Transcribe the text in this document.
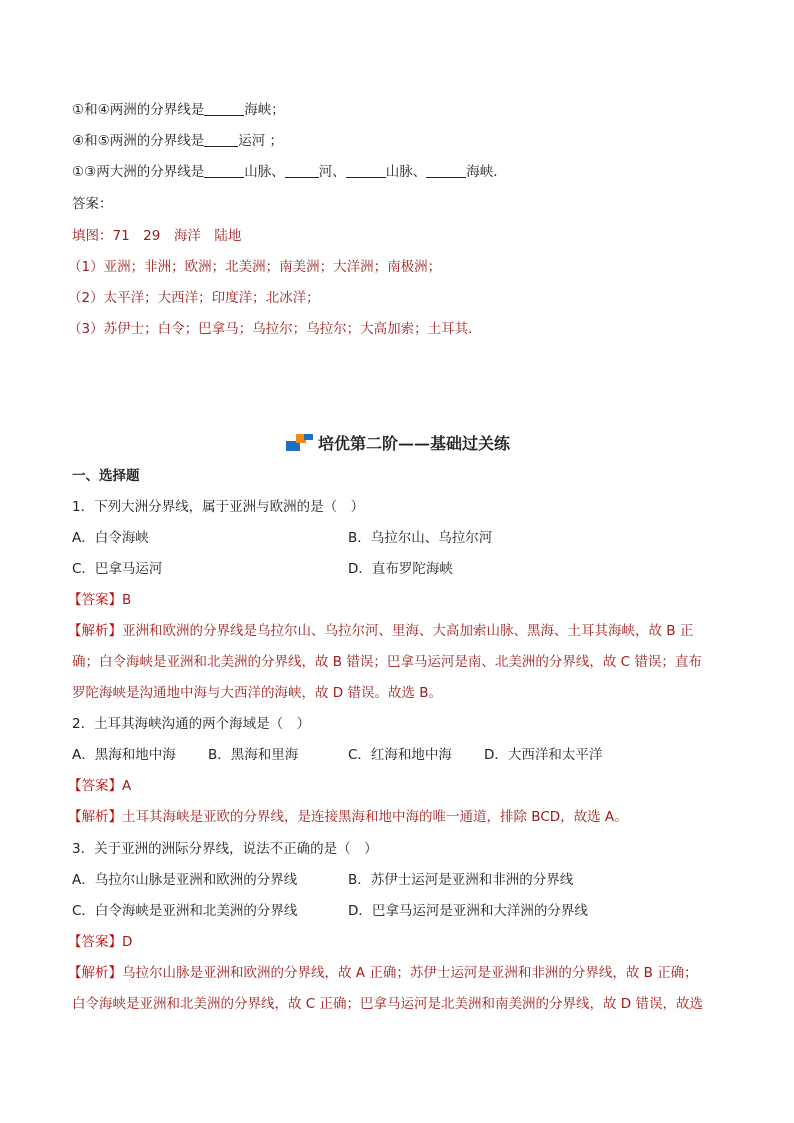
①和④两洲的分界线是	海峡；
④和⑤两洲的分界线是	运河 ；
①③两大洲的分界线是	山脉、	河、	山脉、	海峡．
答案：
填图：71　29　海洋　陆地
（1）亚洲；非洲；欧洲；北美洲；南美洲；大洋洲；南极洲；
（2）太平洋；大西洋；印度洋；北冰洋；
（3）苏伊士；白令；巴拿马；乌拉尔；乌拉尔；大高加索；土耳其．
培优第二阶——基础过关练
一、选择题
1．下列大洲分界线，属于亚洲与欧洲的是（　）
A．白令海峡	B．乌拉尔山、乌拉尔河
C．巴拿马运河	D．直布罗陀海峡
【答案】B
【解析】亚洲和欧洲的分界线是乌拉尔山、乌拉尔河、里海、大高加索山脉、黑海、土耳其海峡，故 B 正
确；白令海峡是亚洲和北美洲的分界线，故 B 错误；巴拿马运河是南、北美洲的分界线，故 C 错误；直布
罗陀海峡是沟通地中海与大西洋的海峡，故 D 错误。故选 B。
2．土耳其海峡沟通的两个海域是（　）
A．黑海和地中海 B．黑海和里海	C．红海和地中海 D．大西洋和太平洋
【答案】A
【解析】土耳其海峡是亚欧的分界线，是连接黑海和地中海的唯一通道，排除 BCD，故选 A。
3．关于亚洲的洲际分界线，说法不正确的是（　）
A．乌拉尔山脉是亚洲和欧洲的分界线	B．苏伊士运河是亚洲和非洲的分界线
C．白令海峡是亚洲和北美洲的分界线	D．巴拿马运河是亚洲和大洋洲的分界线
【答案】D
【解析】乌拉尔山脉是亚洲和欧洲的分界线，故 A 正确；苏伊士运河是亚洲和非洲的分界线，故 B 正确；
白令海峡是亚洲和北美洲的分界线，故 C 正确；巴拿马运河是北美洲和南美洲的分界线，故 D 错误，故选
